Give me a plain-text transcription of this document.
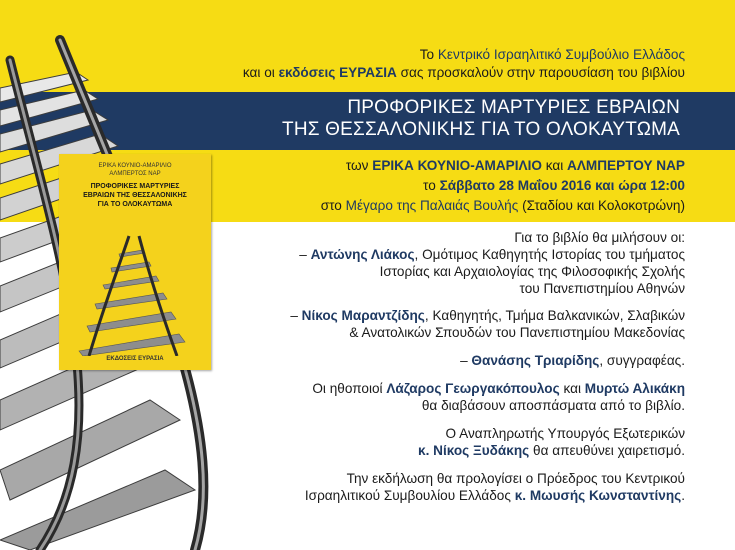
ΕΡΙΚΑ ΚΟΥΝΙΟ-ΑΜΑΡΙΛΙΟ
ΑΛΜΠΕΡΤΟΣ ΝΑΡ
ΠΡΟΦΟΡΙΚΕΣ ΜΑΡΤΥΡΙΕΣ
ΕΒΡΑΙΩΝ ΤΗΣ ΘΕΣΣΑΛΟΝΙΚΗΣ
ΓΙΑ ΤΟ ΟΛΟΚΑΥΤΩΜΑ
ΕΚΔΟΣΕΙΣ ΕΥΡΑΣΙΑ
Το Κεντρικό Ισραηλιτικό Συμβούλιο Ελλάδος
και οι εκδόσεις ΕΥΡΑΣΙΑ σας προσκαλούν στην παρουσίαση του βιβλίου
ΠΡΟΦΟΡΙΚΕΣ ΜΑΡΤΥΡΙΕΣ ΕΒΡΑΙΩΝ
ΤΗΣ ΘΕΣΣΑΛΟΝΙΚΗΣ ΓΙΑ ΤΟ ΟΛΟΚΑΥΤΩΜΑ
των ΕΡΙΚΑ ΚΟΥΝΙΟ-ΑΜΑΡΙΛΙΟ και ΑΛΜΠΕΡΤΟΥ ΝΑΡ
το Σάββατο 28 Μαΐου 2016 και ώρα 12:00
στο Μέγαρο της Παλαιάς Βουλής (Σταδίου και Κολοκοτρώνη)
Για το βιβλίο θα μιλήσουν οι:
– Αντώνης Λιάκος, Ομότιμος Καθηγητής Ιστορίας του τμήματος
Ιστορίας και Αρχαιολογίας της Φιλοσοφικής Σχολής
του Πανεπιστημίου Αθηνών
– Νίκος Μαραντζίδης, Καθηγητής, Τμήμα Βαλκανικών, Σλαβικών
& Ανατολικών Σπουδών του Πανεπιστημίου Μακεδονίας
– Θανάσης Τριαρίδης, συγγραφέας.
Οι ηθοποιοί Λάζαρος Γεωργακόπουλος και Μυρτώ Αλικάκη
θα διαβάσουν αποσπάσματα από το βιβλίο.
Ο Αναπληρωτής Υπουργός Εξωτερικών
κ. Νίκος Ξυδάκης θα απευθύνει χαιρετισμό.
Την εκδήλωση θα προλογίσει ο Πρόεδρος του Κεντρικού
Ισραηλιτικού Συμβουλίου Ελλάδος κ. Μωυσής Κωνσταντίνης.
